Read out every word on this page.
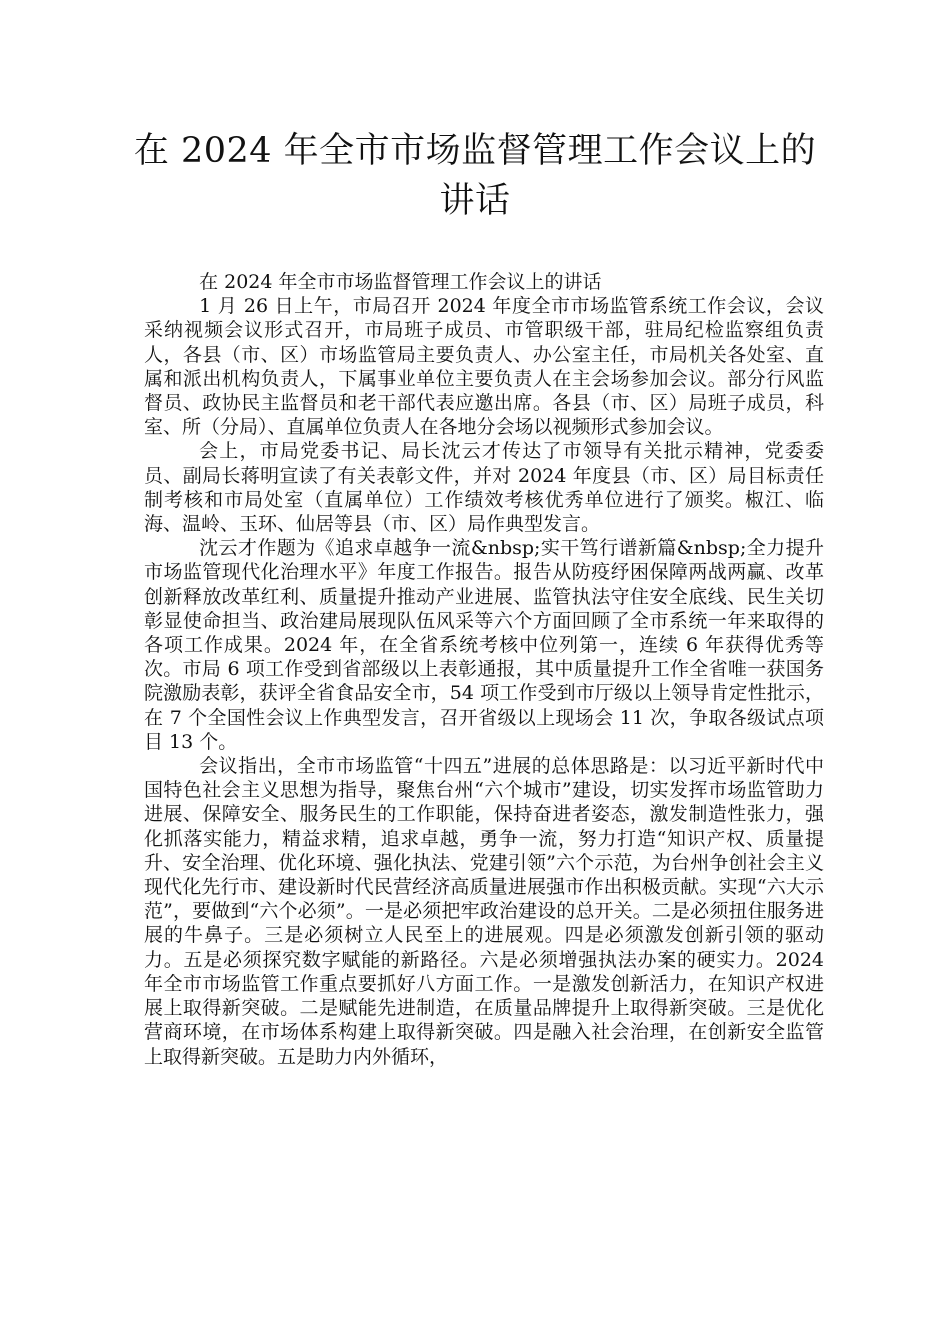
在 2024 年全市市场监督管理工作会议上的
讲话

在 2024 年全市市场监督管理工作会议上的讲话

1 月 26 日上午，市局召开 2024 年度全市市场监管系统工作会议，会议采纳视频会议形式召开，市局班子成员、市管职级干部，驻局纪检监察组负责人，各县（市、区）市场监管局主要负责人、办公室主任，市局机关各处室、直属和派出机构负责人，下属事业单位主要负责人在主会场参加会议。部分行风监督员、政协民主监督员和老干部代表应邀出席。各县（市、区）局班子成员，科室、所（分局）、直属单位负责人在各地分会场以视频形式参加会议。

会上，市局党委书记、局长沈云才传达了市领导有关批示精神，党委委员、副局长蒋明宣读了有关表彰文件，并对 2024 年度县（市、区）局目标责任制考核和市局处室（直属单位）工作绩效考核优秀单位进行了颁奖。椒江、临海、温岭、玉环、仙居等县（市、区）局作典型发言。

沈云才作题为《追求卓越争一流&nbsp;实干笃行谱新篇&nbsp;全力提升市场监管现代化治理水平》年度工作报告。报告从防疫纾困保障两战两赢、改革创新释放改革红利、质量提升推动产业进展、监管执法守住安全底线、民生关切彰显使命担当、政治建局展现队伍风采等六个方面回顾了全市系统一年来取得的各项工作成果。2024 年，在全省系统考核中位列第一，连续 6 年获得优秀等次。市局 6 项工作受到省部级以上表彰通报，其中质量提升工作全省唯一获国务院激励表彰，获评全省食品安全市，54 项工作受到市厅级以上领导肯定性批示，在 7 个全国性会议上作典型发言，召开省级以上现场会 11 次，争取各级试点项目 13 个。

会议指出，全市市场监管“十四五”进展的总体思路是：以习近平新时代中国特色社会主义思想为指导，聚焦台州“六个城市”建设，切实发挥市场监管助力进展、保障安全、服务民生的工作职能，保持奋进者姿态，激发制造性张力，强化抓落实能力，精益求精，追求卓越，勇争一流，努力打造“知识产权、质量提升、安全治理、优化环境、强化执法、党建引领”六个示范，为台州争创社会主义现代化先行市、建设新时代民营经济高质量进展强市作出积极贡献。实现“六大示范”，要做到“六个必须”。一是必须把牢政治建设的总开关。二是必须扭住服务进展的牛鼻子。三是必须树立人民至上的进展观。四是必须激发创新引领的驱动力。五是必须探究数字赋能的新路径。六是必须增强执法办案的硬实力。2024 年全市市场监管工作重点要抓好八方面工作。一是激发创新活力，在知识产权进展上取得新突破。二是赋能先进制造，在质量品牌提升上取得新突破。三是优化营商环境，在市场体系构建上取得新突破。四是融入社会治理，在创新安全监管上取得新突破。五是助力内外循环，
